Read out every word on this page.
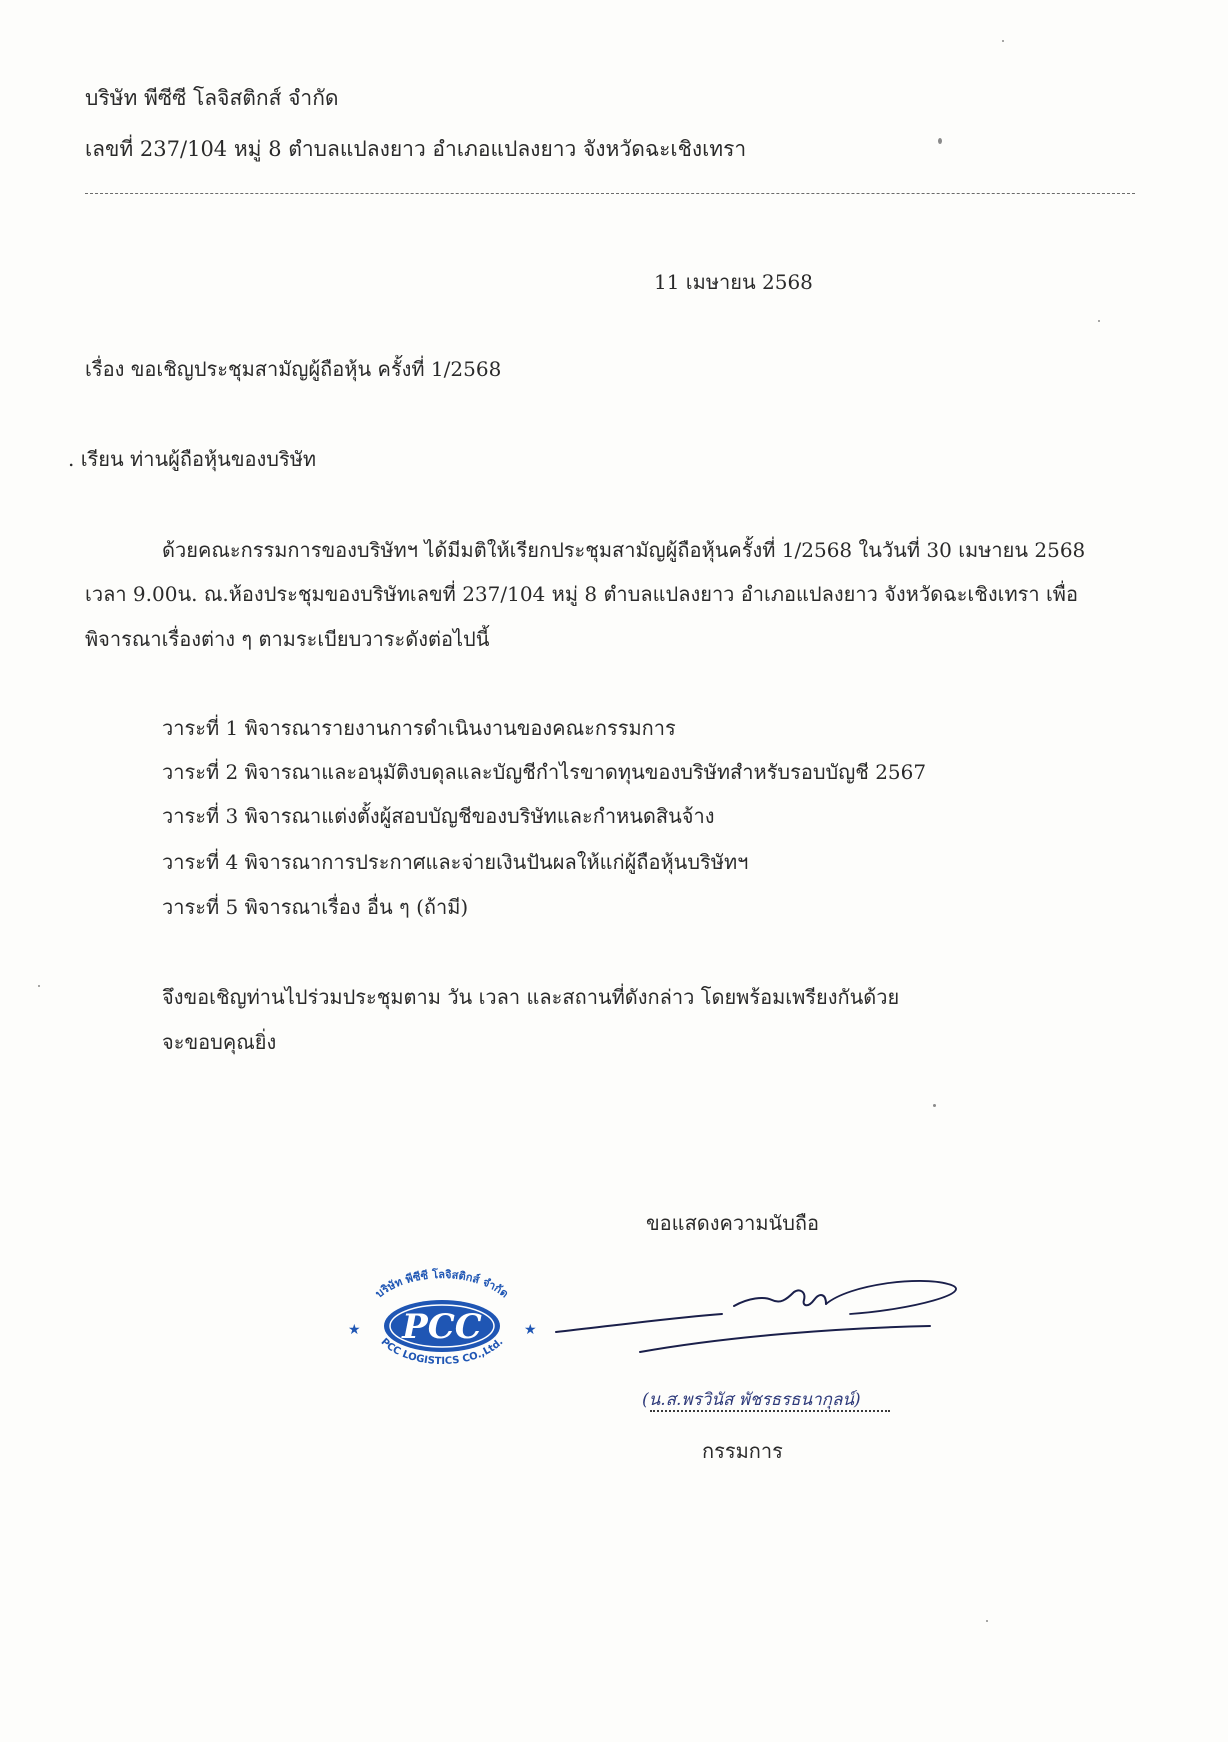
บริษัท พีซีซี โลจิสติกส์ จำกัด
เลขที่ 237/104 หมู่ 8 ตำบลแปลงยาว อำเภอแปลงยาว จังหวัดฉะเชิงเทรา
11 เมษายน 2568
เรื่อง ขอเชิญประชุมสามัญผู้ถือหุ้น ครั้งที่ 1/2568
. เรียน ท่านผู้ถือหุ้นของบริษัท
ด้วยคณะกรรมการของบริษัทฯ ได้มีมติให้เรียกประชุมสามัญผู้ถือหุ้นครั้งที่ 1/2568 ในวันที่ 30 เมษายน 2568
เวลา 9.00น. ณ.ห้องประชุมของบริษัทเลขที่ 237/104 หมู่ 8 ตำบลแปลงยาว อำเภอแปลงยาว จังหวัดฉะเชิงเทรา เพื่อ
พิจารณาเรื่องต่าง ๆ ตามระเบียบวาระดังต่อไปนี้
วาระที่ 1 พิจารณารายงานการดำเนินงานของคณะกรรมการ
วาระที่ 2 พิจารณาและอนุมัติงบดุลและบัญชีกำไรขาดทุนของบริษัทสำหรับรอบบัญชี 2567
วาระที่ 3 พิจารณาแต่งตั้งผู้สอบบัญชีของบริษัทและกำหนดสินจ้าง
วาระที่ 4 พิจารณาการประกาศและจ่ายเงินปันผลให้แก่ผู้ถือหุ้นบริษัทฯ
วาระที่ 5 พิจารณาเรื่อง อื่น ๆ (ถ้ามี)
จึงขอเชิญท่านไปร่วมประชุมตาม วัน เวลา และสถานที่ดังกล่าว โดยพร้อมเพรียงกันด้วย
จะขอบคุณยิ่ง
ขอแสดงความนับถือ
บริษัท พีซีซี โลจิสติกส์ จำกัด
PCC
★	★
PCC LOGISTICS CO.,Ltd.
(น.ส.พรวินัส พัชรธรธนากุลน์)
กรรมการ
